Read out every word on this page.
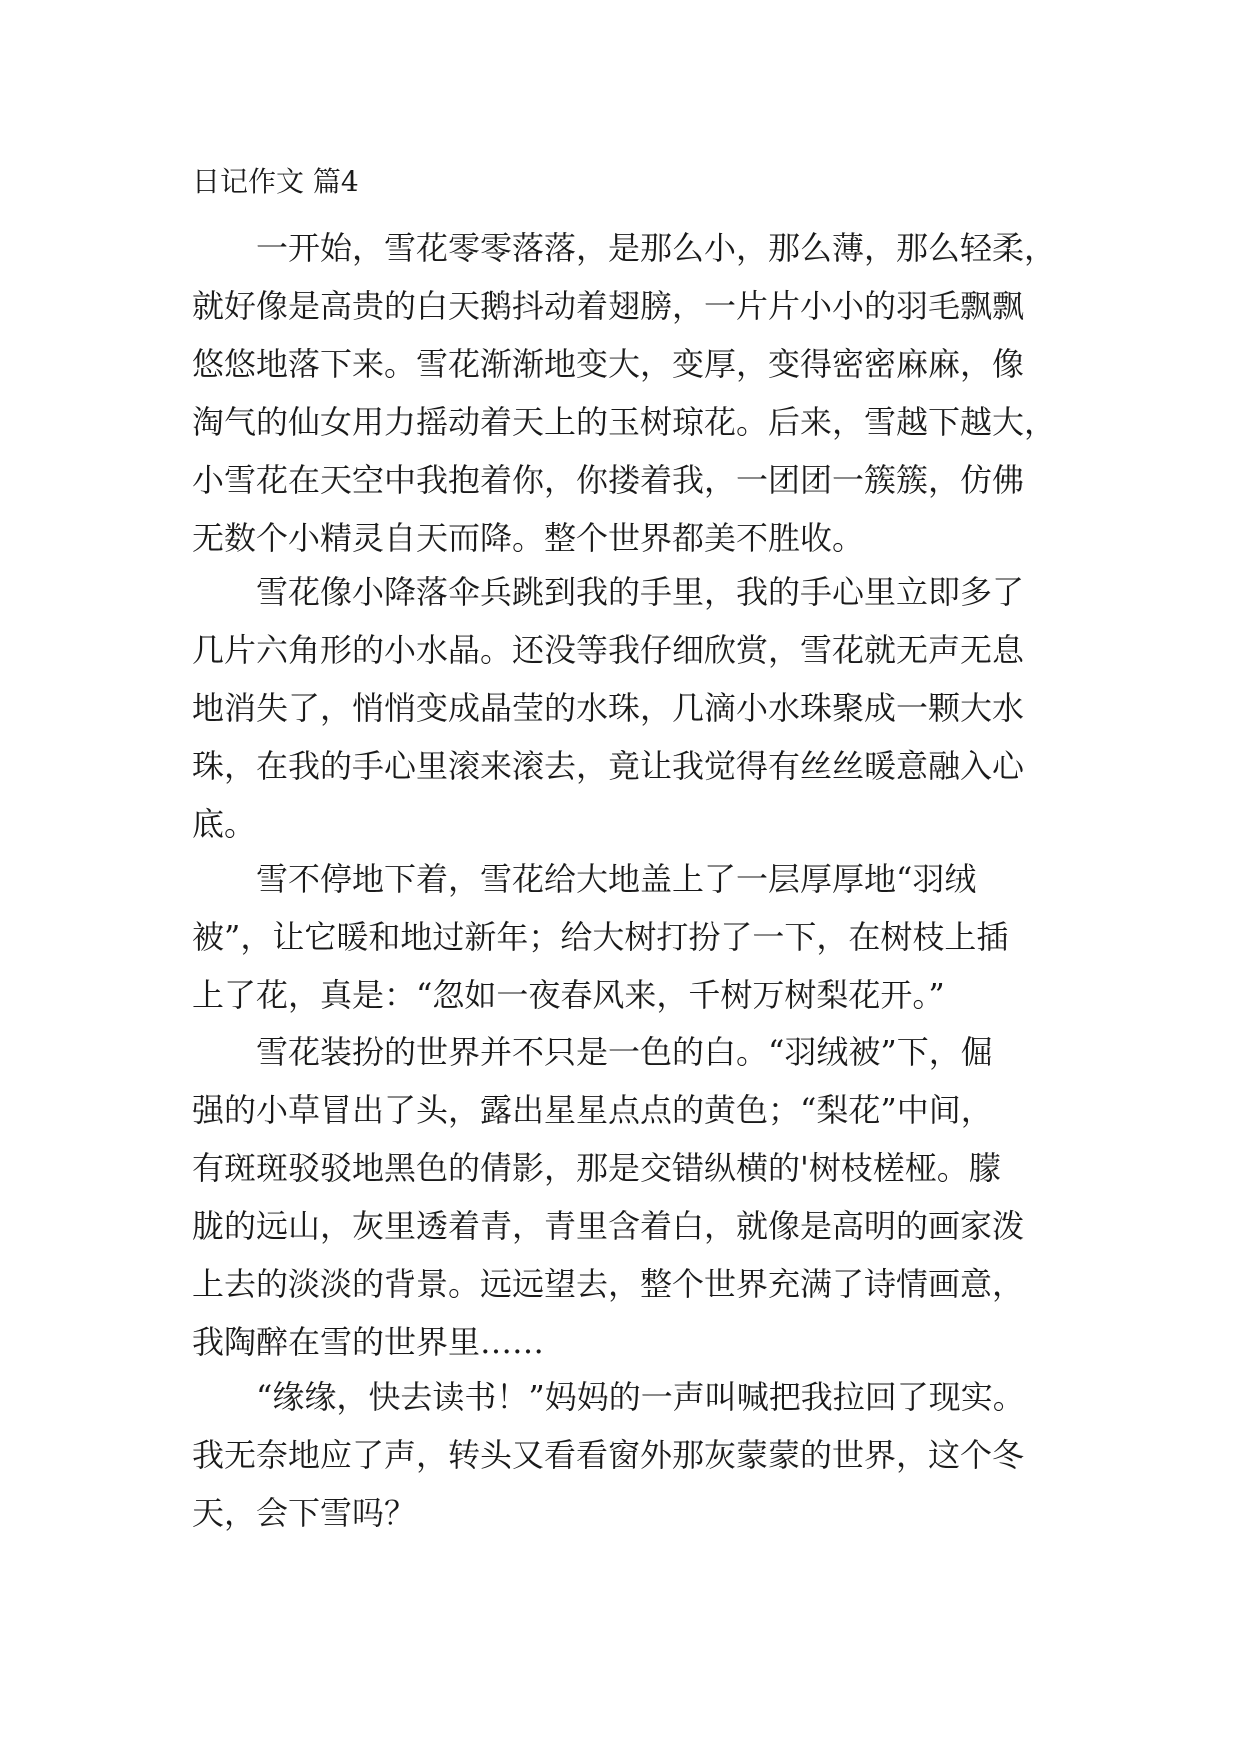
日记作文 篇4
一开始，雪花零零落落，是那么小，那么薄，那么轻柔，
就好像是高贵的白天鹅抖动着翅膀，一片片小小的羽毛飘飘
悠悠地落下来。雪花渐渐地变大，变厚，变得密密麻麻，像
淘气的仙女用力摇动着天上的玉树琼花。后来，雪越下越大，
小雪花在天空中我抱着你，你搂着我，一团团一簇簇，仿佛
无数个小精灵自天而降。整个世界都美不胜收。
雪花像小降落伞兵跳到我的手里，我的手心里立即多了
几片六角形的小水晶。还没等我仔细欣赏，雪花就无声无息
地消失了，悄悄变成晶莹的水珠，几滴小水珠聚成一颗大水
珠，在我的手心里滚来滚去，竟让我觉得有丝丝暖意融入心
底。
雪不停地下着，雪花给大地盖上了一层厚厚地“羽绒
被”，让它暖和地过新年；给大树打扮了一下，在树枝上插
上了花，真是：“忽如一夜春风来，千树万树梨花开。”
雪花装扮的世界并不只是一色的白。“羽绒被”下，倔
强的小草冒出了头，露出星星点点的黄色；“梨花”中间，
有斑斑驳驳地黑色的倩影，那是交错纵横的'树枝槎桠。朦
胧的远山，灰里透着青，青里含着白，就像是高明的画家泼
上去的淡淡的背景。远远望去，整个世界充满了诗情画意，
我陶醉在雪的世界里……
“缘缘，快去读书！”妈妈的一声叫喊把我拉回了现实。
我无奈地应了声，转头又看看窗外那灰蒙蒙的世界，这个冬
天，会下雪吗？
